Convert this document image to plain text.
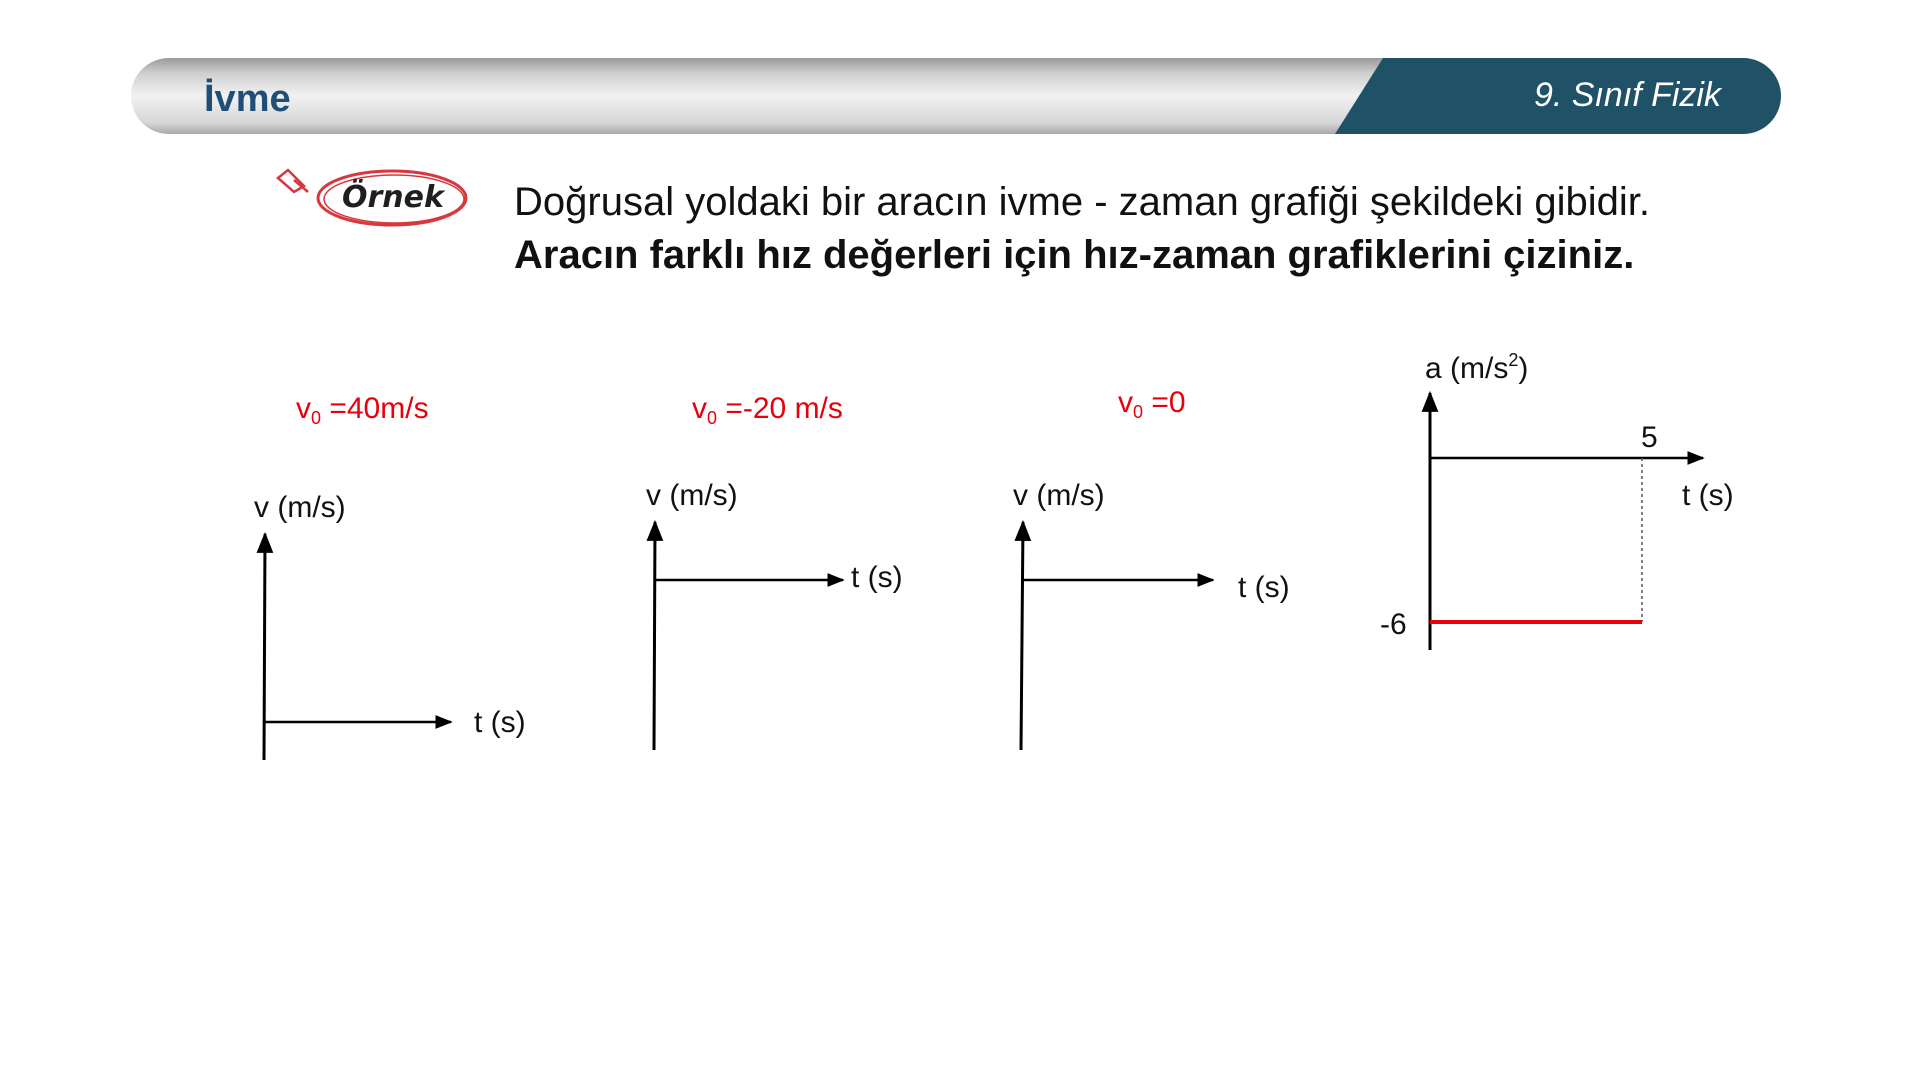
İvme	9. Sınıf Fizik
Örnek Doğrusal yoldaki bir aracın ivme - zaman grafiği şekildeki gibidir. Aracın farklı hız değerleri için hız-zaman grafiklerini çiziniz.
$v_0 =40m/s$	$v_0 =-20$ m/s	$v_0 =0$
v (m/s)
t (s)
v (m/s)
t (s)
v (m/s)
t (s)
a $(m/s^2)$
t (s)
5
-6
